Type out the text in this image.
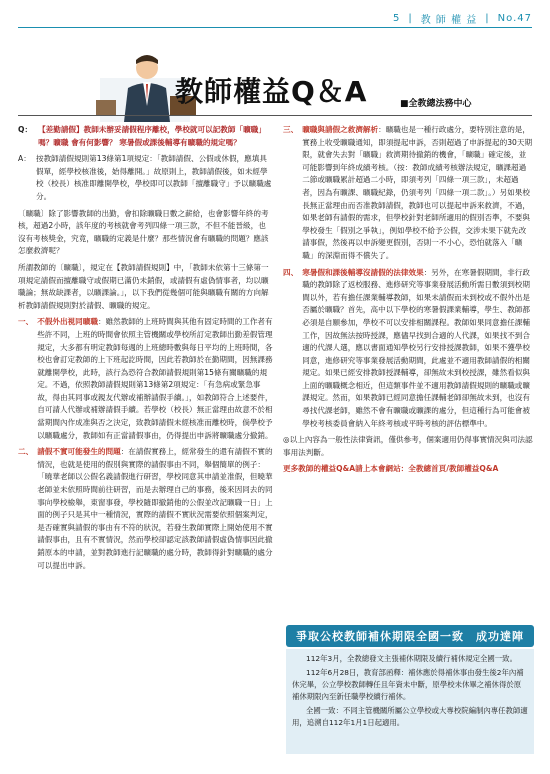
5 | 教 師 權 益 | No.47
教師權益Q＆A	■全教總法務中心
Q： 【差勤請假】教師未辦妥請假程序離校，學校就可以記教師「曠職」嗎？曠職 會有何影響？ 寒暑假或課後輔導有曠職的規定嗎？
A： 按教師請假規則第13條第1項規定：「教師請假、公假或休假，應填具假單，經學校核准後，始得離開。」故原則上，教師請假後，如未經學校（校長）核准即離開學校，學校即可以教師「擅離職守」予以曠職處分。
〔曠職〕除了影響教師的出勤，會扣除曠職日數之薪給，也會影響年終的考核，超過2小時，該年度的考核就會考列四條一項三款，不但不能晉級，也沒有考核獎金，究竟，曠職的定義是什麼？那些情況會有曠職的問題？應該怎麼救濟呢？
所謂教師的〔曠職〕，規定在【教師請假規則】中，「教師未依第十三條第一項規定請假而擅離職守或假期已滿仍未銷假，或請假有虛偽情事者，均以曠職論；無故缺課者，以曠課論。」，以下我們從幾個可能與曠職有關的方向解析教師請假規則對於請假、曠職的規定。
一、 不假外出視同曠職：雖然教師的上班時間與其他有固定時間的工作者有些許不同，上班的時間會依照主管機關或學校所訂定教師出勤差假管理規定，大多都有明定教師每週的上班總時數與每日平均的上班時間，各校也會訂定教師的上下班起訖時間，因此若教師於在勤期間，因無課務就離開學校，此時，該行為恐符合教師請假規則第15條有關曠職的規定。不過，依照教師請假規則第13條第2項規定：「有急病或緊急事故，得由其同事或親友代辦或補辦請假手續。」，如教師符合上述要件，自可請人代辦或補辦請假手續。若學校（校長）無正當理由故意不於相當期間內作成准與否之決定，致教師請假未經核准而離校時，倘學校予以曠職處分，教師如有正當請假事由，仍得提出申訴將曠職處分撤銷。
二、 請假不實可能發生的問題：在請假實務上，經常發生的還有請假不實的情況，也就是使用的假別與實際的請假事由不同，舉個簡單的例子：「曉華老師以公假名義請假進行研習，學校同意其申請並准假，但曉華老師並未依照時間前往研習，而是去辦理自己的事務，後來因同去的同事向學校檢舉，東窗事發，學校隨即撤銷他的公假並改記曠職一日」上面的例子只是其中一種情況，實際的請假不實狀況需要依照個案判定，是否確實與請假的事由有不符的狀況，若發生教師實際上開始使用不實請假事由，且有不實情況，然而學校卻認定該教師請假虛偽情事因此撤銷原本的申請，並對教師進行記曠職的處分時，教師得針對曠職的處分可以提出申訴。
三、 曠職與請假之救濟解析：曠職也是一種行政處分，要特別注意的是，實務上收受曠職通知，即須提起申訴，否則超過了申訴提起的30天期限，就會失去對「曠職」救濟期待撤銷的機會，「曠職」確定後，並可能影響到年終成績考核。（按：教師成績考核辦法規定，曠課超過二節或曠職累計超過二小時，即須考列「四條一項三款」，未超過者，因為有曠課、曠職紀錄，仍須考列「四條一項二款」。）另如果校長無正當理由而否准教師請假，教師也可以提起申訴來救濟，不過，如果老師有請假的需求，但學校針對老師所適用的假別否準，不要與學校發生「假別之爭執」，例如學校不給予公假，交涉未果下就先改請事假，然後再以申訴變更假別，否則一不小心，恐怕就落入「曠職」的深淵而得不償失了。
四、 寒暑假和課後輔導沒請假的法律效果：另外，在寒暑假期間，非行政職的教師除了返校服務、進修研究等事業發展活動所需日數須到校期間以外，若有擔任課業輔導教師，如果未請假而未到校或不假外出是否屬於曠職？首先，高中以下學校的寒暑假課業輔導，學生、教師都必須是自願參加，學校不可以安排相關課程。教師如果同意擔任課輔工作，因故無法按時授課，應儘早找到合適的人代課，如果找不到合適的代課人選，應以書面通知學校另行安排授課教師，如果不獲學校同意，進修研究等事業發展活動期間，此處並不適用教師請假的相關規定。如果已經安排教師授課輔導，卻無故未到校授課，雖然看似與上面的曠職概念相近，但這類事件並不適用教師請假規則的曠職或曠課規定。然而，如果教師已經同意擔任課輔老師卻無故未到，也沒有尋找代課老師，雖然不會有曠職或曠課的處分，但這種行為可能會被學校考核委員會納入年終考核或平時考核的評估標準中。
◎以上內容為一般性法律資訊，僅供參考，個案適用仍得事實情況與司法認事用法判斷。
更多教師的權益Q&A請上本會網站：全教總首頁/教師權益Q&A
爭取公校教師補休期限全國一致　成功達陣

112年3月，全教總發文主張補休期限及續行補休規定全國一致。

112年6月28日，教育部函釋：補休應於得補休事由發生後2年內補休完畢，公立學校教師轉任且年資未中斷，原學校未休畢之補休得於原補休期限內至新任職學校續行補休。

全國一致：不同主管機關所屬公立學校或大專校院編制內專任教師適用，追溯自112年1月1日起適用。
